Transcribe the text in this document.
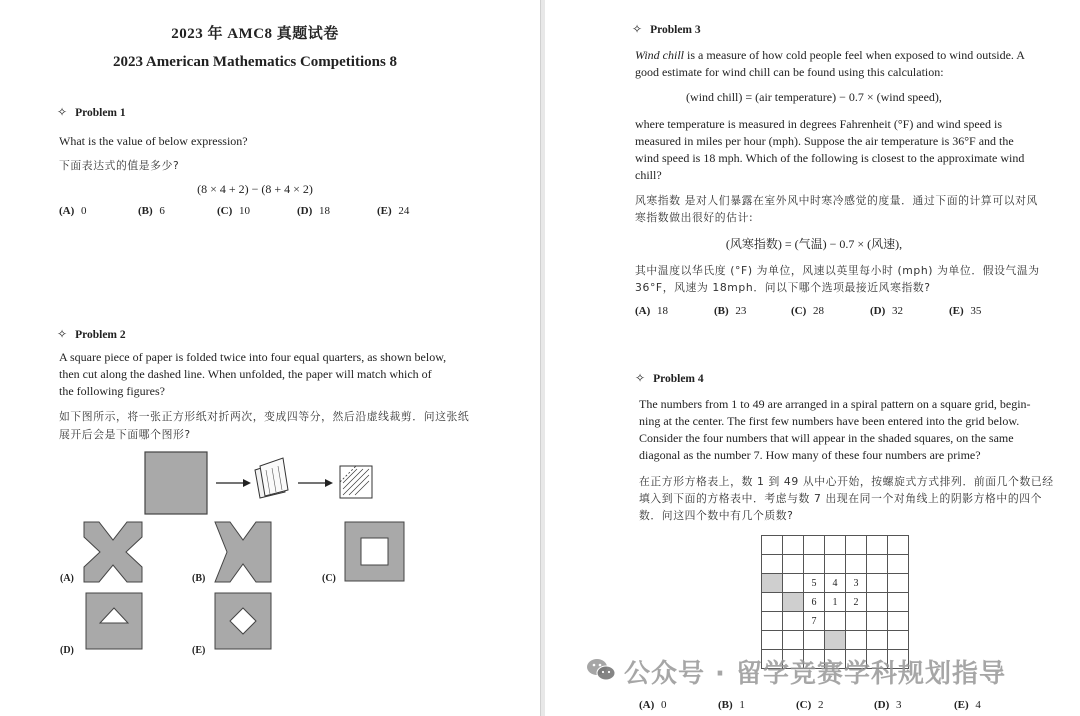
2023 年 AMC8 真题试卷
2023 American Mathematics Competitions 8
✧ Problem 1
What is the value of below expression?
下面表达式的值是多少?
(8 × 4 + 2) − (8 + 4 × 2)
(A) 0	(B) 6	(C) 10	(D) 18	(E) 24
✧ Problem 2
A square piece of paper is folded twice into four equal quarters, as shown below,
then cut along the dashed line. When unfolded, the paper will match which of
the following figures?
如下图所示，将一张正方形纸对折两次，变成四等分，然后沿虚线裁剪．问这张纸
展开后会是下面哪个图形?
(A)	(B)	(C)
(D)	(E)
✧ Problem 3
Wind chill is a measure of how cold people feel when exposed to wind outside. A
good estimate for wind chill can be found using this calculation:
(wind chill) = (air temperature) − 0.7 × (wind speed),
where temperature is measured in degrees Fahrenheit (°F) and wind speed is
measured in miles per hour (mph). Suppose the air temperature is 36°F and the
wind speed is 18 mph. Which of the following is closest to the approximate wind
chill?
风寒指数 是对人们暴露在室外风中时寒冷感觉的度量．通过下面的计算可以对风
寒指数做出很好的估计:
(风寒指数) = (气温) − 0.7 × (风速),
其中温度以华氏度 (°F) 为单位，风速以英里每小时 (mph) 为单位．假设气温为
36°F，风速为 18mph．问以下哪个选项最接近风寒指数?
(A) 18	(B) 23	(C) 28	(D) 32	(E) 35
✧ Problem 4
The numbers from 1 to 49 are arranged in a spiral pattern on a square grid, begin-
ning at the center. The first few numbers have been entered into the grid below.
Consider the four numbers that will appear in the shaded squares, on the same
diagonal as the number 7. How many of these four numbers are prime?
在正方形方格表上，数 1 到 49 从中心开始，按螺旋式方式排列．前面几个数已经
填入到下面的方格表中．考虑与数 7 出现在同一个对角线上的阴影方格中的四个
数．问这四个数中有几个质数?

		5	4	3		
		6	1	2		
		7				

(A) 0	(B) 1	(C) 2	(D) 3	(E) 4
公众号 · 留学竞赛学科规划指导
